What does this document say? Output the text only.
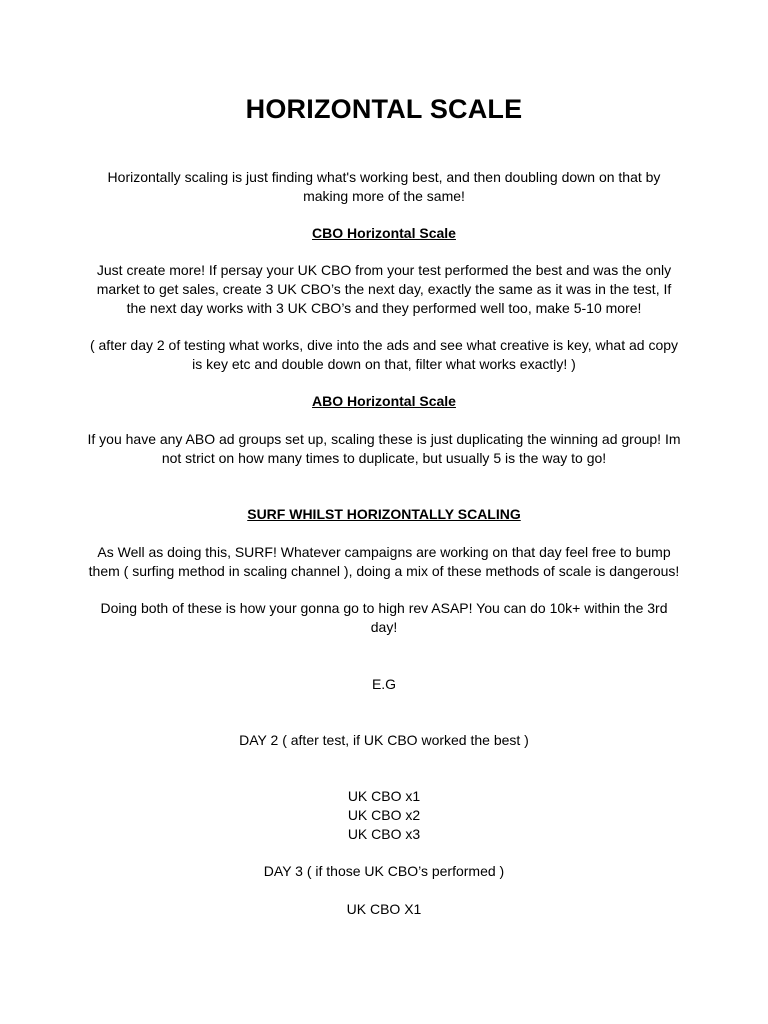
HORIZONTAL SCALE

Horizontally scaling is just finding what's working best, and then doubling down on that by
making more of the same!

CBO Horizontal Scale

Just create more! If persay your UK CBO from your test performed the best and was the only
market to get sales, create 3 UK CBO’s the next day, exactly the same as it was in the test, If
the next day works with 3 UK CBO’s and they performed well too, make 5-10 more!

( after day 2 of testing what works, dive into the ads and see what creative is key, what ad copy
is key etc and double down on that, filter what works exactly! )

ABO Horizontal Scale

If you have any ABO ad groups set up, scaling these is just duplicating the winning ad group! Im
not strict on how many times to duplicate, but usually 5 is the way to go!

SURF WHILST HORIZONTALLY SCALING

As Well as doing this, SURF! Whatever campaigns are working on that day feel free to bump
them ( surfing method in scaling channel ), doing a mix of these methods of scale is dangerous!

Doing both of these is how your gonna go to high rev ASAP! You can do 10k+ within the 3rd
day!

E.G

DAY 2 ( after test, if UK CBO worked the best )

UK CBO x1
UK CBO x2
UK CBO x3

DAY 3 ( if those UK CBO’s performed )

UK CBO X1
